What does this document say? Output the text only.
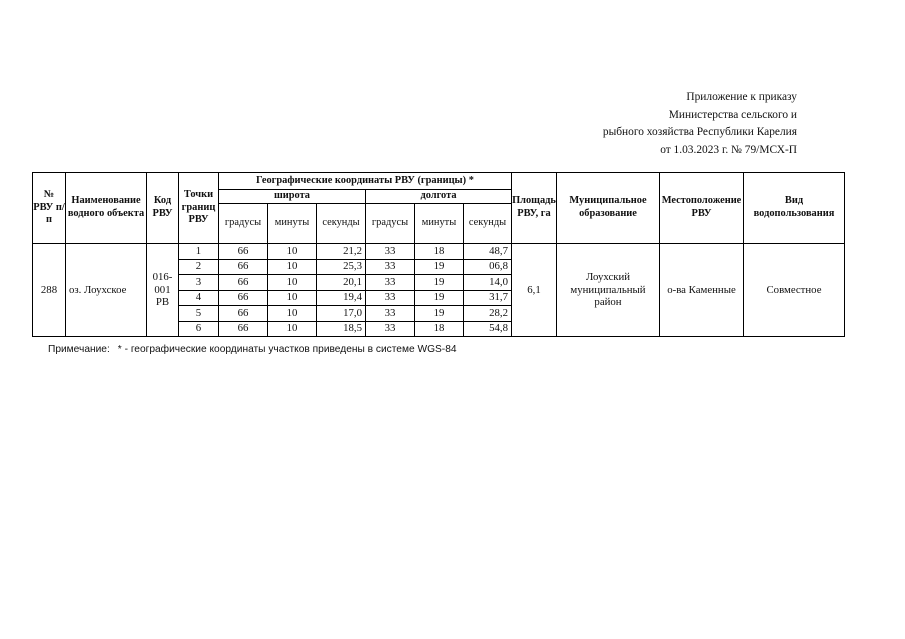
Приложение к приказу
Министерства сельского и
рыбного хозяйства Республики Карелия
от 1.03.2023 г. № 79/МСХ-П
№ РВУ п/п	Наименование водного объекта	Код РВУ	Точки границ РВУ	Географические координаты РВУ (границы) *						Площадь РВУ, га	Муниципальное образование	Местоположение РВУ	Вид водопользования
				широта			долгота						
				градусы	минуты	секунды	градусы	минуты	секунды				
288	оз. Лоухское	016-001 РВ	1	66	10	21,2	33	18	48,7	6,1	Лоухский муниципальный район	о-ва Каменные	Совместное
			2	66	10	25,3	33	19	06,8				
			3	66	10	20,1	33	19	14,0				
			4	66	10	19,4	33	19	31,7				
			5	66	10	17,0	33	19	28,2				
			6	66	10	18,5	33	18	54,8				
Примечание: * - географические координаты участков приведены в системе WGS-84
